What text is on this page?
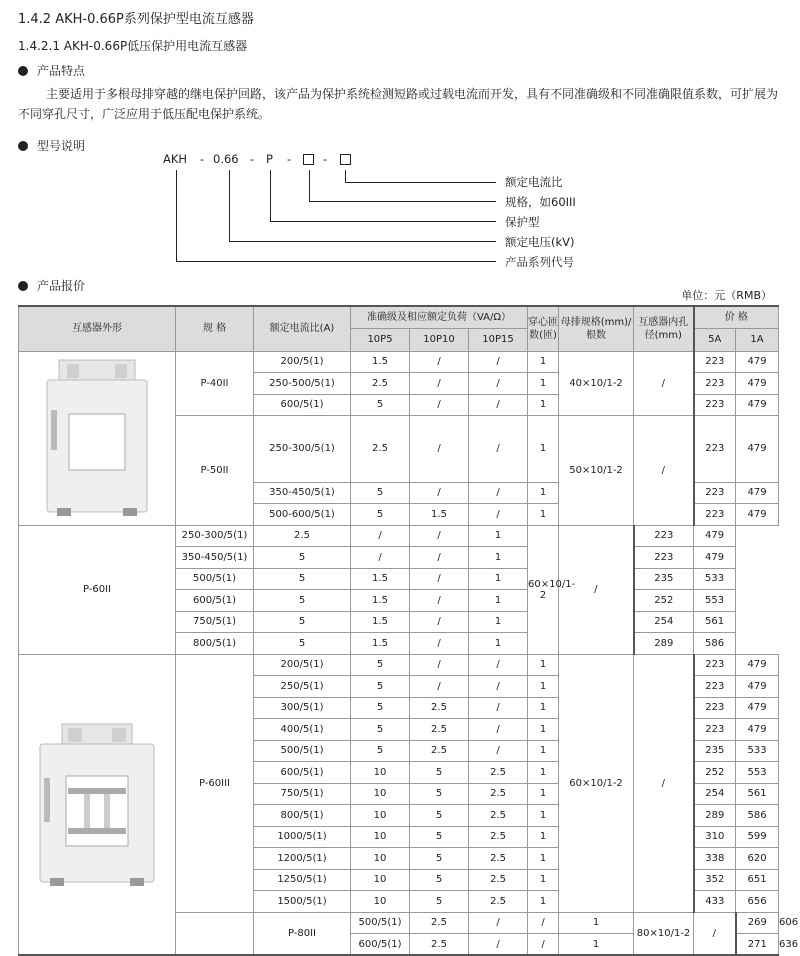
1.4.2 AKH-0.66P系列保护型电流互感器
1.4.2.1 AKH-0.66P低压保护用电流互感器
产品特点
主要适用于多根母排穿越的继电保护回路，该产品为保护系统检测短路或过载电流而开发，具有不同准确级和不同准确限值系数，可扩展为不同穿孔尺寸，广泛应用于低压配电保护系统。
型号说明
AKH - 0.66 - P -	-
额定电流比
规格，如60III
保护型
额定电压(kV)
产品系列代号
产品报价
单位：元（RMB）
互感器外形	规 格	额定电流比(A)	准确级及相应额定负荷（VA/Ω）			穿心匝数(匝)	母排规格(mm)/根数	互感器内孔径(mm)	价 格		
			10P5	10P10	10P15				5A	1A	
	P-40II	200/5(1)	1.5	/	/	1	40×10/1-2	/	223	479	
		250-500/5(1)	2.5	/	/	1			223	479	
		600/5(1)	5	/	/	1			223	479	
	P-50II	250-300/5(1)	2.5	/	/	1	50×10/1-2	/	223	479	
		350-450/5(1)	5	/	/	1			223	479	
		500-600/5(1)	5	1.5	/	1			223	479	
P-60II	250-300/5(1)	2.5	/	/	1	60×10/1-2	/	223	479		
	350-450/5(1)	5	/	/	1			223	479		
	500/5(1)	5	1.5	/	1			235	533		
	600/5(1)	5	1.5	/	1			252	553		
	750/5(1)	5	1.5	/	1			254	561		
	800/5(1)	5	1.5	/	1			289	586		
	P-60III	200/5(1)	5	/	/	1	60×10/1-2	/	223	479	
		250/5(1)	5	/	/	1			223	479	
		300/5(1)	5	2.5	/	1			223	479	
		400/5(1)	5	2.5	/	1			223	479	
		500/5(1)	5	2.5	/	1			235	533	
		600/5(1)	10	5	2.5	1			252	553	
		750/5(1)	10	5	2.5	1			254	561	
		800/5(1)	10	5	2.5	1			289	586	
		1000/5(1)	10	5	2.5	1			310	599	
		1200/5(1)	10	5	2.5	1			338	620	
		1250/5(1)	10	5	2.5	1			352	651	
		1500/5(1)	10	5	2.5	1			433	656	
		P-80II	500/5(1)	2.5	/	/	1	80×10/1-2	/	269	606
			600/5(1)	2.5	/	/	1			271	636
